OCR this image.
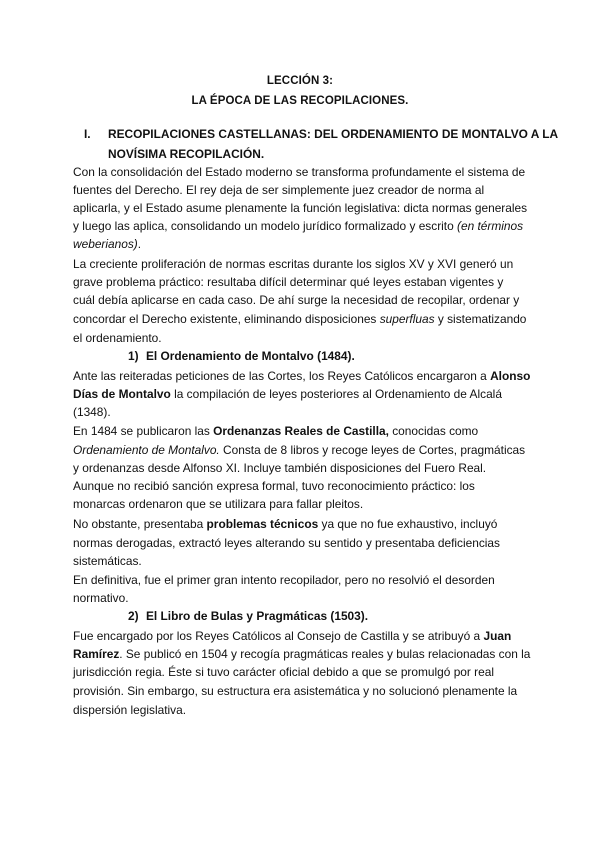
LECCIÓN 3:
LA ÉPOCA DE LAS RECOPILACIONES.
I. RECOPILACIONES CASTELLANAS: DEL ORDENAMIENTO DE MONTALVO A LA
NOVÍSIMA RECOPILACIÓN.
Con la consolidación del Estado moderno se transforma profundamente el sistema de
fuentes del Derecho. El rey deja de ser simplemente juez creador de norma al
aplicarla, y el Estado asume plenamente la función legislativa: dicta normas generales
y luego las aplica, consolidando un modelo jurídico formalizado y escrito (en términos
weberianos).
La creciente proliferación de normas escritas durante los siglos XV y XVI generó un
grave problema práctico: resultaba difícil determinar qué leyes estaban vigentes y
cuál debía aplicarse en cada caso. De ahí surge la necesidad de recopilar, ordenar y
concordar el Derecho existente, eliminando disposiciones superfluas y sistematizando
el ordenamiento.
1) El Ordenamiento de Montalvo (1484).
Ante las reiteradas peticiones de las Cortes, los Reyes Católicos encargaron a Alonso
Días de Montalvo la compilación de leyes posteriores al Ordenamiento de Alcalá
(1348).
En 1484 se publicaron las Ordenanzas Reales de Castilla, conocidas como
Ordenamiento de Montalvo. Consta de 8 libros y recoge leyes de Cortes, pragmáticas
y ordenanzas desde Alfonso XI. Incluye también disposiciones del Fuero Real.
Aunque no recibió sanción expresa formal, tuvo reconocimiento práctico: los
monarcas ordenaron que se utilizara para fallar pleitos.
No obstante, presentaba problemas técnicos ya que no fue exhaustivo, incluyó
normas derogadas, extractó leyes alterando su sentido y presentaba deficiencias
sistemáticas.
En definitiva, fue el primer gran intento recopilador, pero no resolvió el desorden
normativo.
2) El Libro de Bulas y Pragmáticas (1503).
Fue encargado por los Reyes Católicos al Consejo de Castilla y se atribuyó a Juan
Ramírez. Se publicó en 1504 y recogía pragmáticas reales y bulas relacionadas con la
jurisdicción regia. Éste si tuvo carácter oficial debido a que se promulgó por real
provisión. Sin embargo, su estructura era asistemática y no solucionó plenamente la
dispersión legislativa.
